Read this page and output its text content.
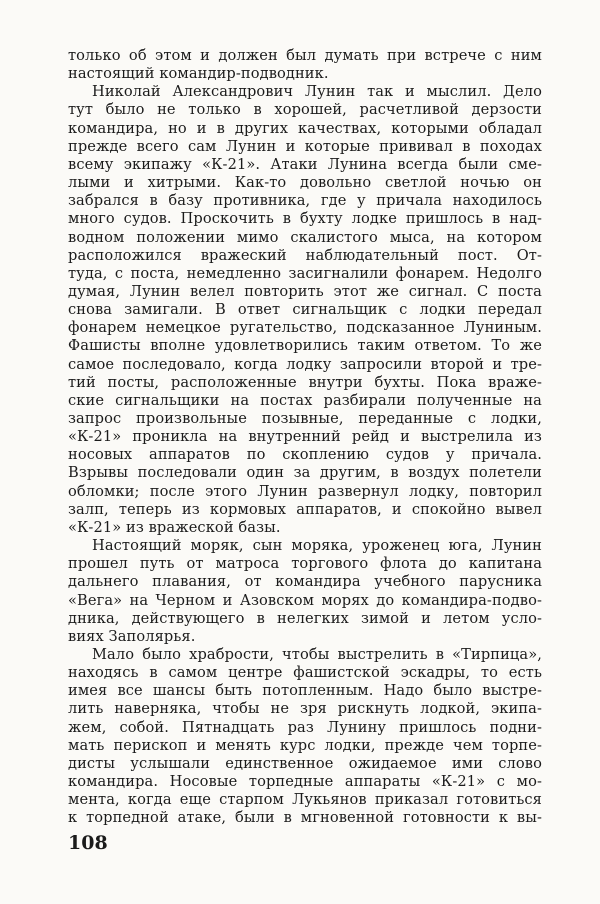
только об этом и должен был думать при встрече с ним
настоящий командир-подводник.
Николай Александрович Лунин так и мыслил. Дело
тут было не только в хорошей, расчетливой дерзости
командира, но и в других качествах, которыми обладал
прежде всего сам Лунин и которые прививал в походах
всему экипажу «К-21». Атаки Лунина всегда были сме-
лыми и хитрыми. Как-то довольно светлой ночью он
забрался в базу противника, где у причала находилось
много судов. Проскочить в бухту лодке пришлось в над-
водном положении мимо скалистого мыса, на котором
расположился вражеский наблюдательный пост. От-
туда, с поста, немедленно засигналили фонарем. Недолго
думая, Лунин велел повторить этот же сигнал. С поста
снова замигали. В ответ сигнальщик с лодки передал
фонарем немецкое ругательство, подсказанное Луниным.
Фашисты вполне удовлетворились таким ответом. То же
самое последовало, когда лодку запросили второй и тре-
тий посты, расположенные внутри бухты. Пока враже-
ские сигнальщики на постах разбирали полученные на
запрос произвольные позывные, переданные с лодки,
«К-21» проникла на внутренний рейд и выстрелила из
носовых аппаратов по скоплению судов у причала.
Взрывы последовали один за другим, в воздух полетели
обломки; после этого Лунин развернул лодку, повторил
залп, теперь из кормовых аппаратов, и спокойно вывел
«К-21» из вражеской базы.
Настоящий моряк, сын моряка, уроженец юга, Лунин
прошел путь от матроса торгового флота до капитана
дальнего плавания, от командира учебного парусника
«Вега» на Черном и Азовском морях до командира-подво-
дника, действующего в нелегких зимой и летом усло-
виях Заполярья.
Мало было храбрости, чтобы выстрелить в «Тирпица»,
находясь в самом центре фашистской эскадры, то есть
имея все шансы быть потопленным. Надо было выстре-
лить наверняка, чтобы не зря рискнуть лодкой, экипа-
жем, собой. Пятнадцать раз Лунину пришлось подни-
мать перископ и менять курс лодки, прежде чем торпе-
дисты услышали единственное ожидаемое ими слово
командира. Носовые торпедные аппараты «К-21» с мо-
мента, когда еще старпом Лукьянов приказал готовиться
к торпедной атаке, были в мгновенной готовности к вы-
108
